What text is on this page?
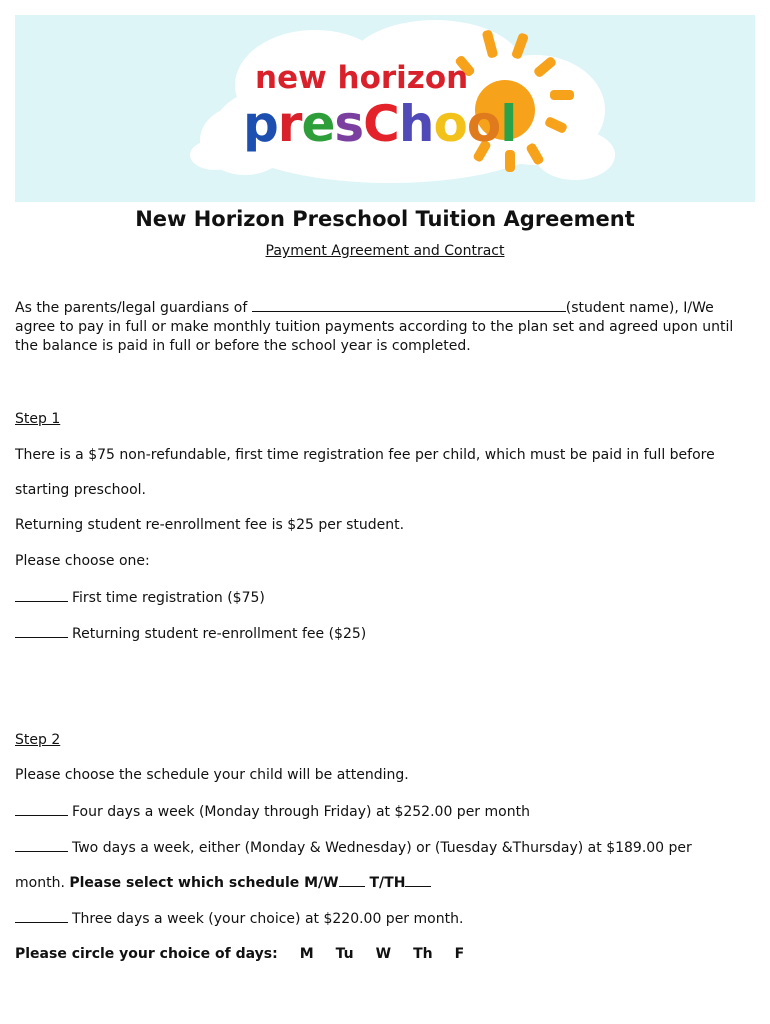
new horizon
presChool
New Horizon Preschool Tuition Agreement
Payment Agreement and Contract
As the parents/legal guardians of	(student name), I/We agree to pay in full or make monthly tuition payments according to the plan set and agreed upon until the balance is paid in full or before the school year is completed.
Step 1
There is a $75 non-refundable, first time registration fee per child, which must be paid in full before
starting preschool.
Returning student re-enrollment fee is $25 per student.
Please choose one:
First time registration ($75)
Returning student re-enrollment fee ($25)
Step 2
Please choose the schedule your child will be attending.
Four days a week (Monday through Friday) at $252.00 per month
Two days a week, either (Monday & Wednesday) or (Tuesday &Thursday) at $189.00 per
month. Please select which schedule M/W T/TH
Three days a week (your choice) at $220.00 per month.
Please circle your choice of days: M Tu W Th F
